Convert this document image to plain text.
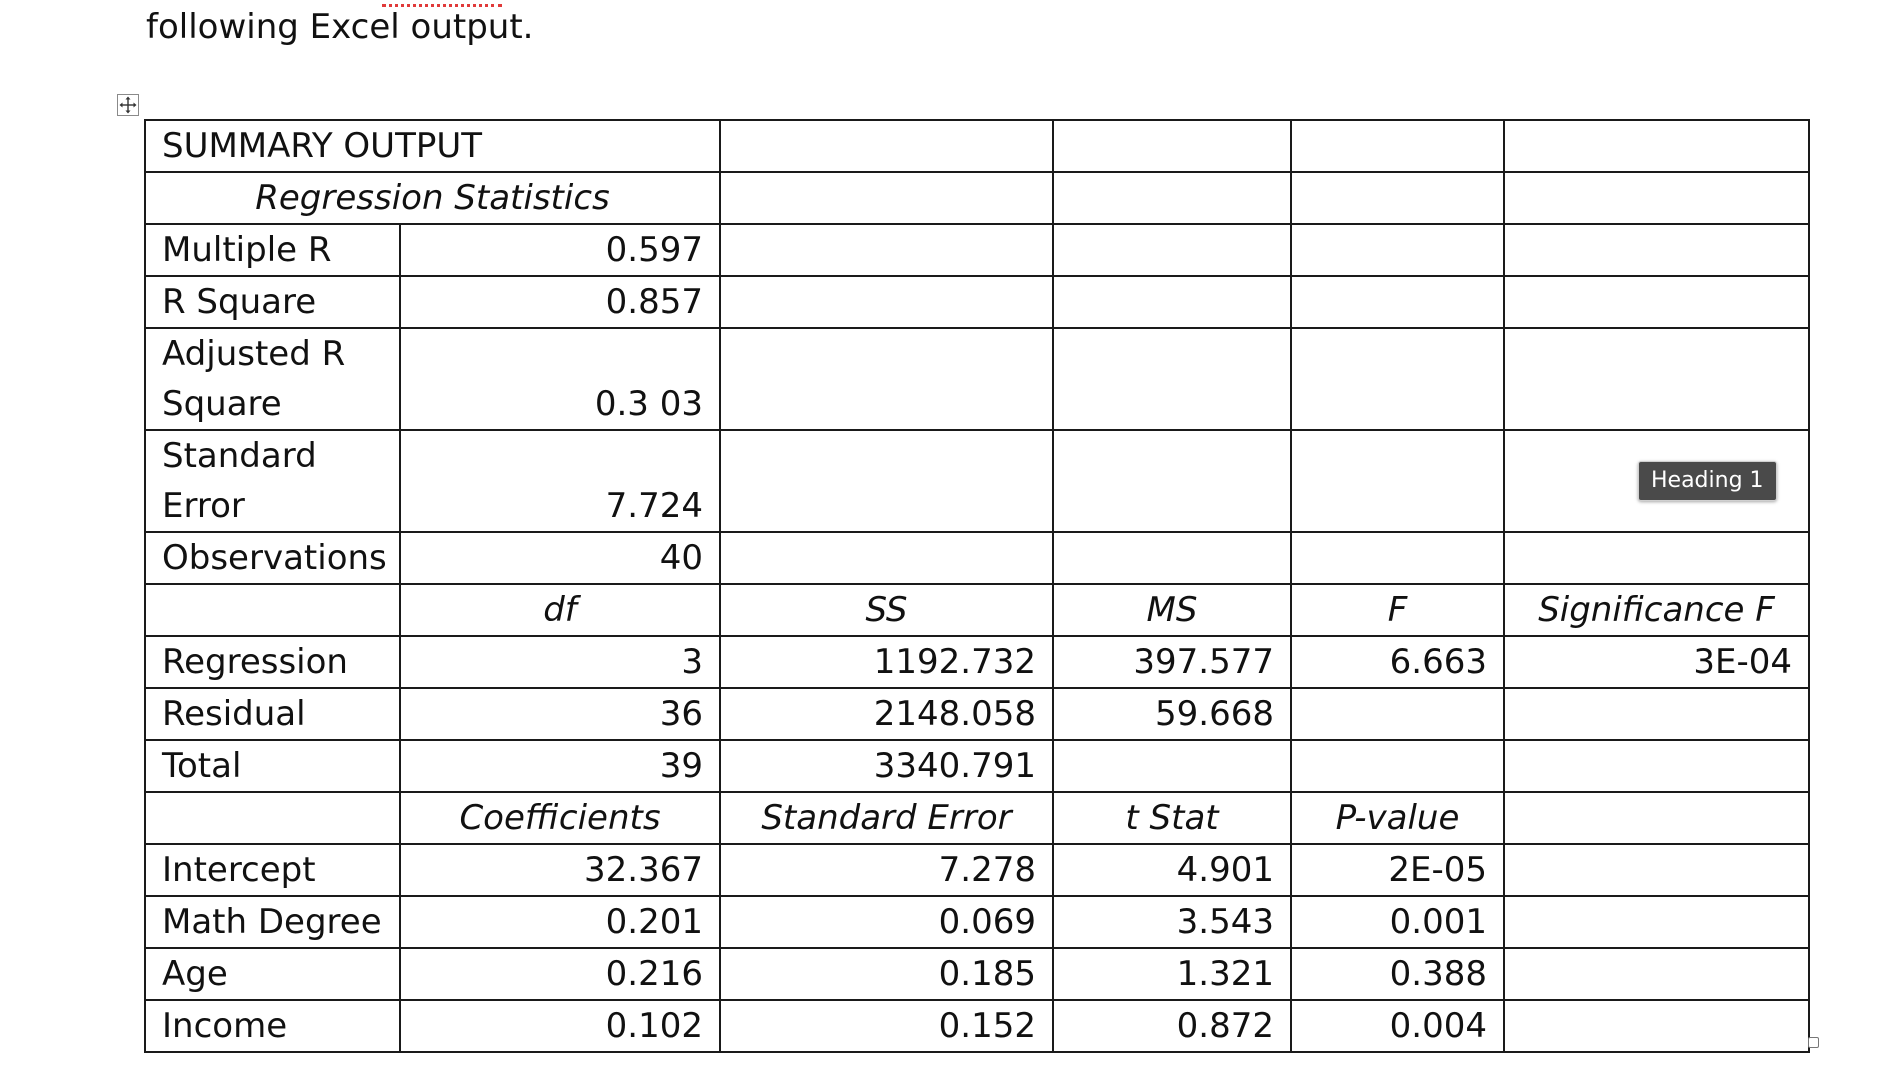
following Excel output.
SUMMARY OUTPUT					
Regression Statistics					
Multiple R	0.597				
R Square	0.857				
Adjusted R Square	0.3 03				
Standard Error	7.724				
Observations	40				
	df	SS	MS	F	Significance F
Regression	3	1192.732	397.577	6.663	3E-04
Residual	36	2148.058	59.668		
Total	39	3340.791			
	Coefficients	Standard Error	t Stat	P-value	
Intercept	32.367	7.278	4.901	2E-05	
Math Degree	0.201	0.069	3.543	0.001	
Age	0.216	0.185	1.321	0.388	
Income	0.102	0.152	0.872	0.004	
Heading 1
